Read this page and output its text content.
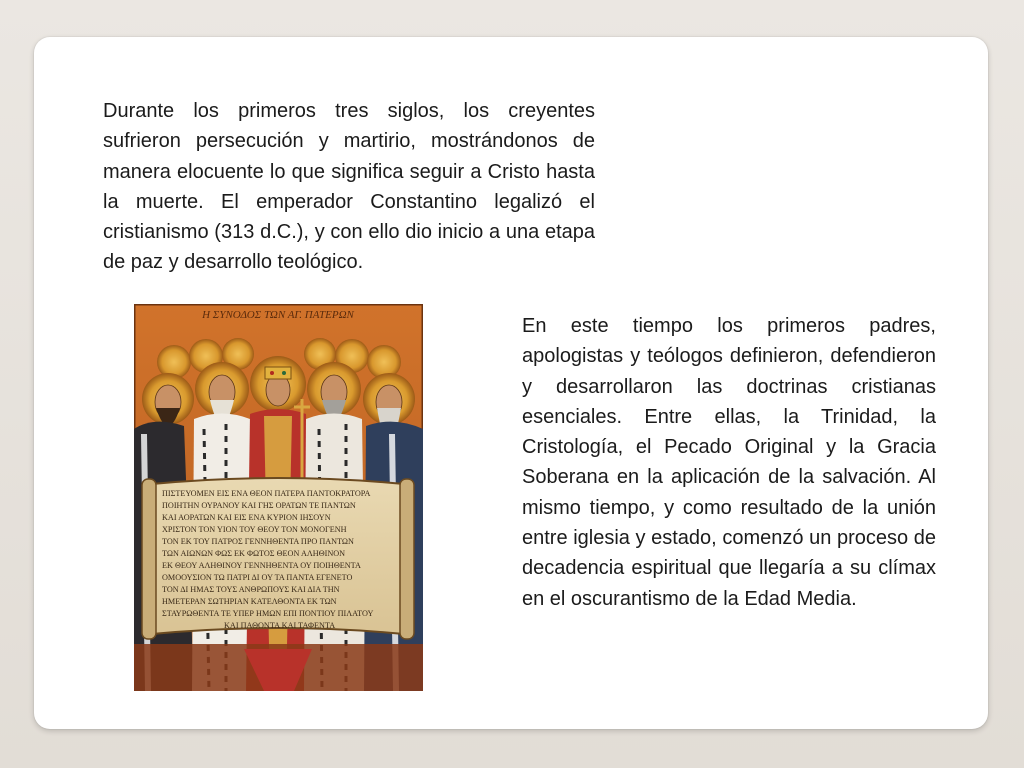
Durante los primeros tres siglos, los creyentes sufrieron persecución y martirio, mostrándonos de manera elocuente lo que significa seguir a Cristo hasta la muerte. El emperador Constantino legalizó el cristianismo (313 d.C.), y con ello dio inicio a una etapa de paz y desarrollo teológico.

Η ΣΥΝΟΔΟΣ ΤΩΝ ΑΓ. ΠΑΤΕΡΩΝ
ΠΙΣΤΕΥΟΜΕΝ ΕΙΣ ΕΝΑ ΘΕΟΝ ΠΑΤΕΡΑ ΠΑΝΤΟΚΡΑΤΟΡΑ
ΠΟΙΗΤΗΝ ΟΥΡΑΝΟΥ ΚΑΙ ΓΗΣ ΟΡΑΤΩΝ ΤΕ ΠΑΝΤΩΝ
ΚΑΙ ΑΟΡΑΤΩΝ ΚΑΙ ΕΙΣ ΕΝΑ ΚΥΡΙΟΝ ΙΗΣΟΥΝ
ΧΡΙΣΤΟΝ ΤΟΝ ΥΙΟΝ ΤΟΥ ΘΕΟΥ ΤΟΝ ΜΟΝΟΓΕΝΗ
ΤΟΝ ΕΚ ΤΟΥ ΠΑΤΡΟΣ ΓΕΝΝΗΘΕΝΤΑ ΠΡΟ ΠΑΝΤΩΝ
ΤΩΝ ΑΙΩΝΩΝ ΦΩΣ ΕΚ ΦΩΤΟΣ ΘΕΟΝ ΑΛΗΘΙΝΟΝ
ΕΚ ΘΕΟΥ ΑΛΗΘΙΝΟΥ ΓΕΝΝΗΘΕΝΤΑ ΟΥ ΠΟΙΗΘΕΝΤΑ
ΟΜΟΟΥΣΙΟΝ ΤΩ ΠΑΤΡΙ ΔΙ ΟΥ ΤΑ ΠΑΝΤΑ ΕΓΕΝΕΤΟ
ΤΟΝ ΔΙ ΗΜΑΣ ΤΟΥΣ ΑΝΘΡΩΠΟΥΣ ΚΑΙ ΔΙΑ ΤΗΝ
ΗΜΕΤΕΡΑΝ ΣΩΤΗΡΙΑΝ ΚΑΤΕΛΘΟΝΤΑ ΕΚ ΤΩΝ
ΣΤΑΥΡΩΘΕΝΤΑ ΤΕ ΥΠΕΡ ΗΜΩΝ ΕΠΙ ΠΟΝΤΙΟΥ ΠΙΛΑΤΟΥ
ΚΑΙ ΠΑΘΟΝΤΑ ΚΑΙ ΤΑΦΕΝΤΑ

En este tiempo los primeros padres, apologistas y teólogos definieron, defendieron y desarrollaron las doctrinas cristianas esenciales. Entre ellas, la Trinidad, la Cristología, el Pecado Original y la Gracia Soberana en la aplicación de la salvación. Al mismo tiempo, y como resultado de la unión entre iglesia y estado, comenzó un proceso de decadencia espiritual que llegaría a su clímax en el oscurantismo de la Edad Media.
